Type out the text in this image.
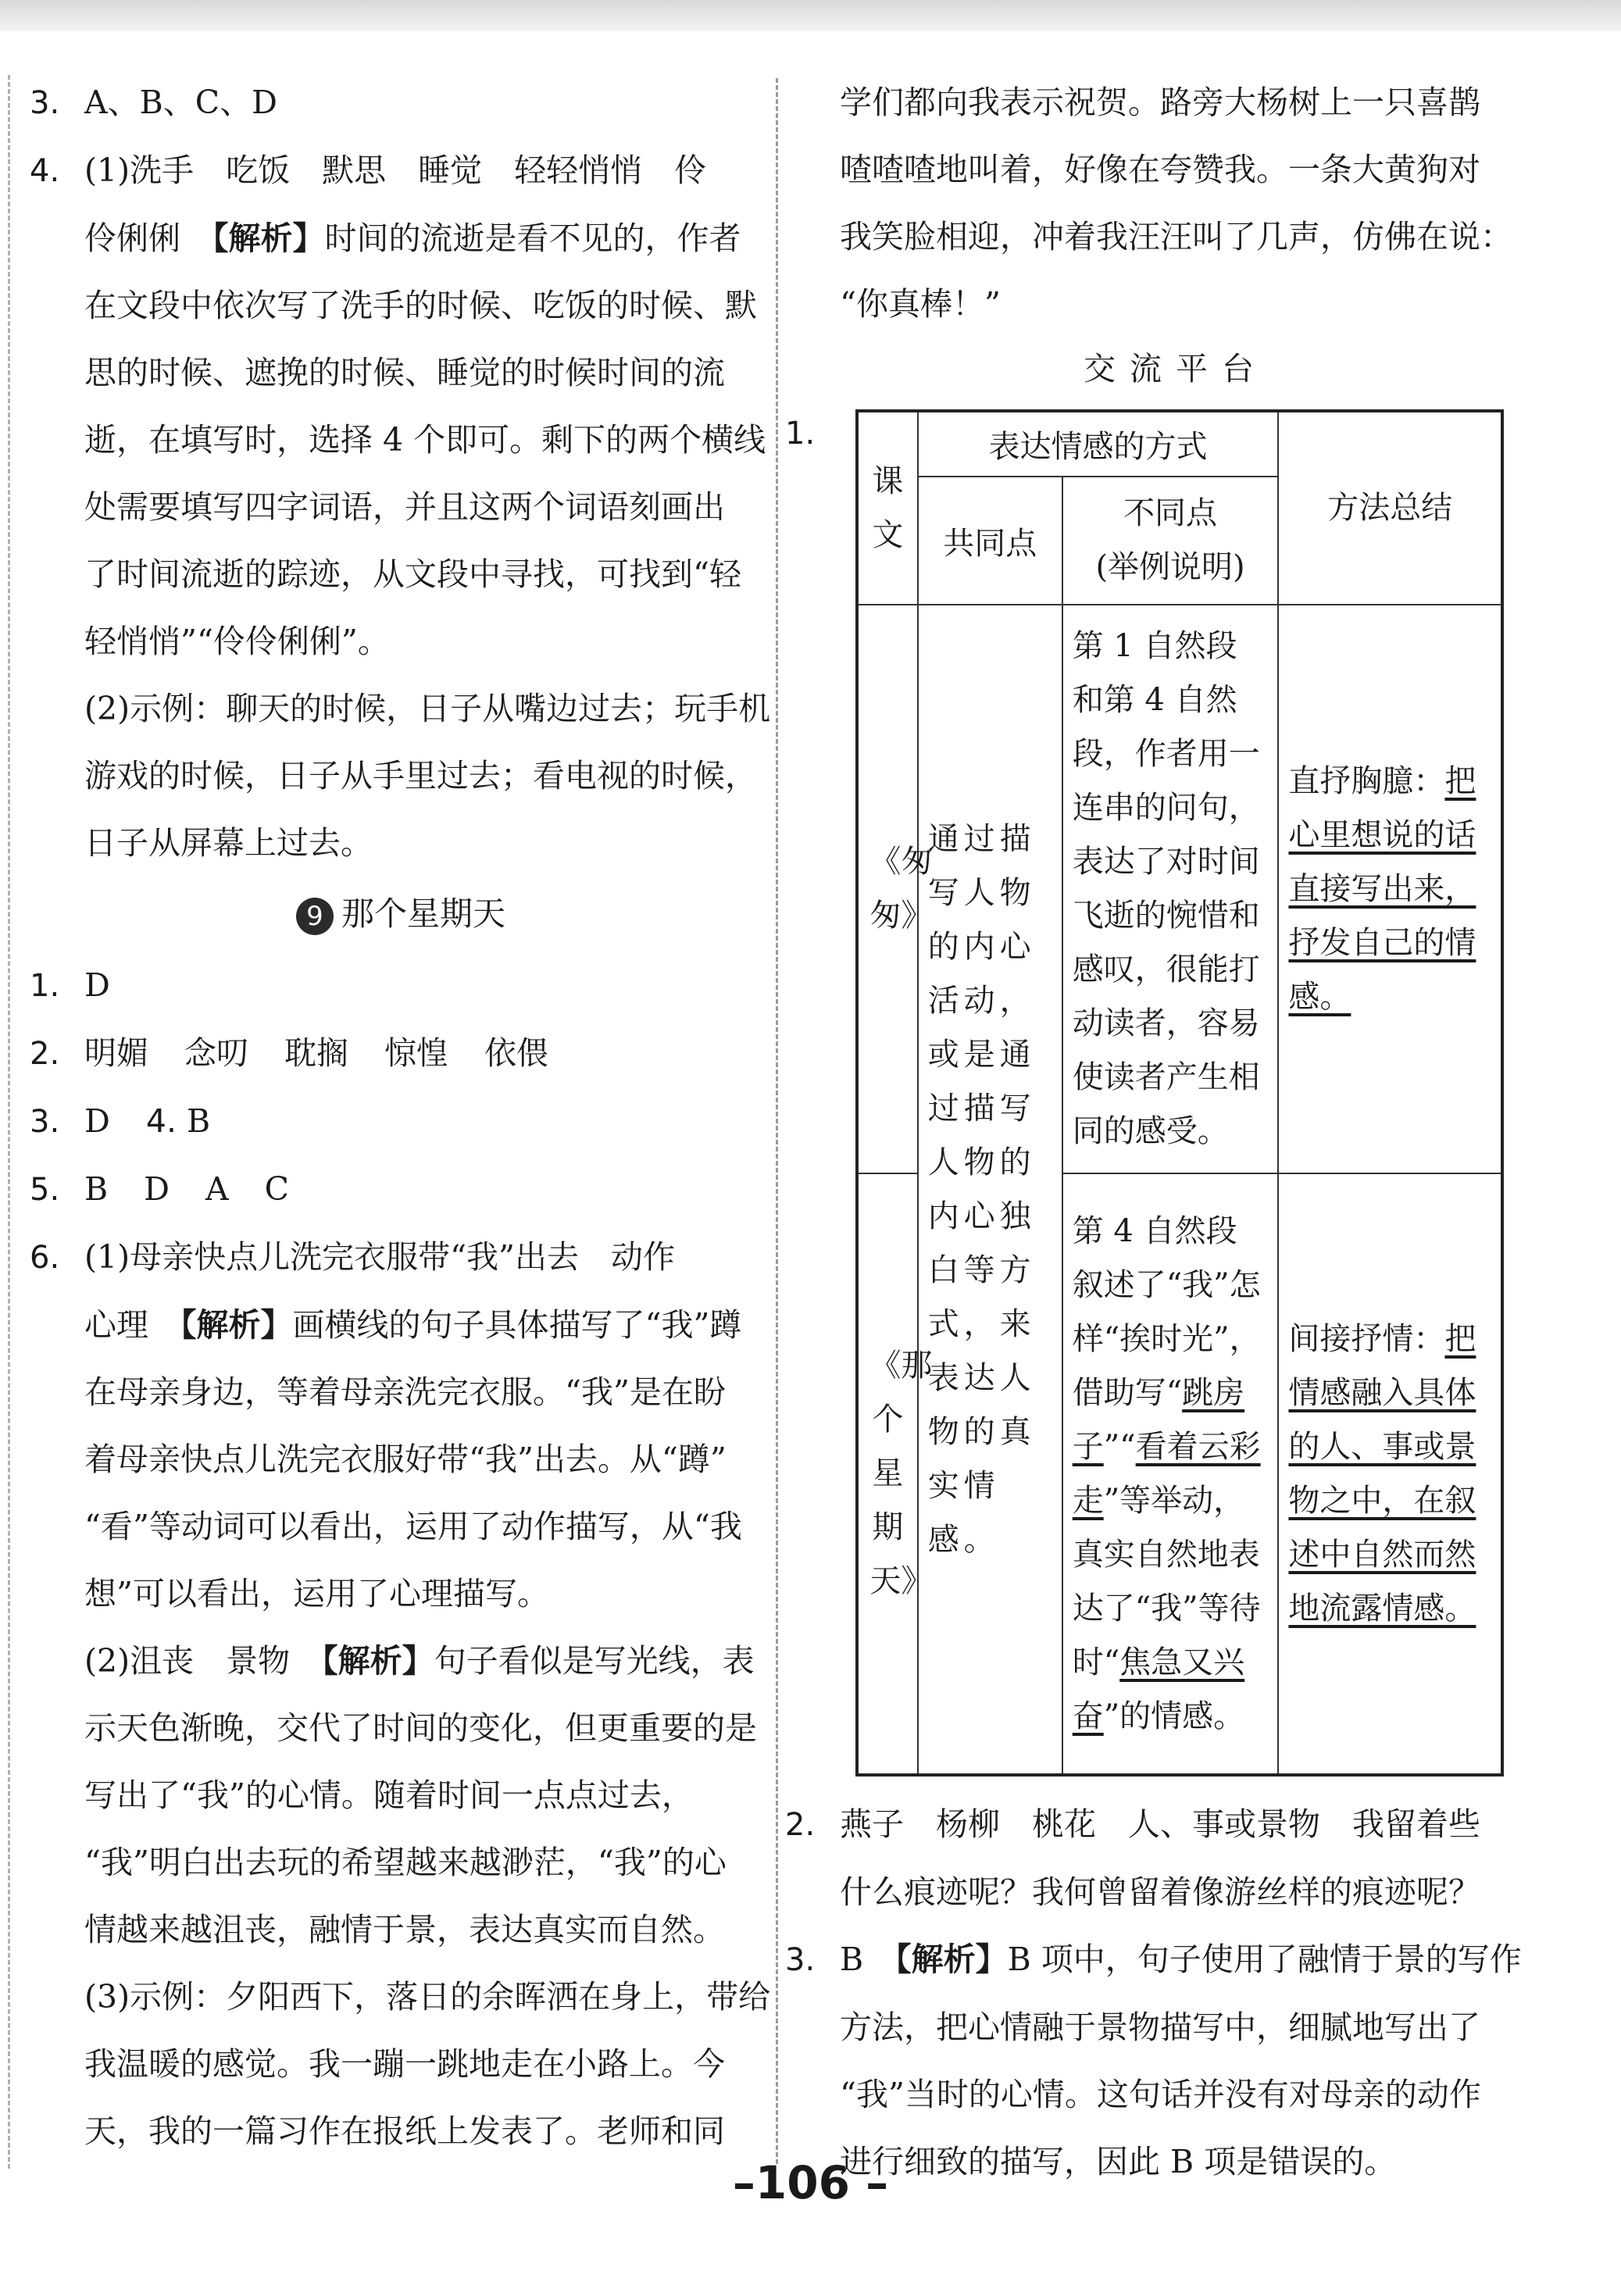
3. A、B、C、D
4. (1)洗手　吃饭　默思　睡觉　轻轻悄悄　伶
伶俐俐　【解析】时间的流逝是看不见的，作者
在文段中依次写了洗手的时候、吃饭的时候、默
思的时候、遮挽的时候、睡觉的时候时间的流
逝，在填写时，选择 4 个即可。剩下的两个横线
处需要填写四字词语，并且这两个词语刻画出
了时间流逝的踪迹，从文段中寻找，可找到“轻
轻悄悄”“伶伶俐俐”。
(2)示例：聊天的时候，日子从嘴边过去；玩手机
游戏的时候，日子从手里过去；看电视的时候，
日子从屏幕上过去。
9 那个星期天
1. D
2. 明媚 念叨 耽搁 惊惶 依偎
3. D 4. B
5. B D A C
6. (1)母亲快点儿洗完衣服带“我”出去　动作
心理　【解析】画横线的句子具体描写了“我”蹲
在母亲身边，等着母亲洗完衣服。“我”是在盼
着母亲快点儿洗完衣服好带“我”出去。从“蹲”
“看”等动词可以看出，运用了动作描写，从“我
想”可以看出，运用了心理描写。
(2)沮丧　景物　【解析】句子看似是写光线，表
示天色渐晚，交代了时间的变化，但更重要的是
写出了“我”的心情。随着时间一点点过去，
“我”明白出去玩的希望越来越渺茫，“我”的心
情越来越沮丧，融情于景，表达真实而自然。
(3)示例：夕阳西下，落日的余晖洒在身上，带给
我温暖的感觉。我一蹦一跳地走在小路上。今
天，我的一篇习作在报纸上发表了。老师和同
学们都向我表示祝贺。路旁大杨树上一只喜鹊
喳喳喳地叫着，好像在夸赞我。一条大黄狗对
我笑脸相迎，冲着我汪汪叫了几声，仿佛在说：
“你真棒！”
交流平台
1.
课文	表达情感的方式		方法总结

	共同点	不同点
(举例说明)	

《匆匆》	通过描写人物的内心活动，或是通过描写人物的内心独白等方式，来表达人物的真实情感。	第 1 自然段和第 4 自然段，作者用一连串的问句，表达了对时间飞逝的惋惜和感叹，很能打动读者，容易使读者产生相同的感受。	直抒胸臆：把心里想说的话直接写出来，抒发自己的情感。

《那个星期天》		第 4 自然段叙述了“我”怎样“挨时光”，借助写“跳房子”“看着云彩走”等举动，真实自然地表达了“我”等待时“焦急又兴奋”的情感。	间接抒情：把情感融入具体的人、事或景物之中，在叙述中自然而然地流露情感。
2. 燕子　杨柳　桃花　人、事或景物　我留着些
什么痕迹呢？我何曾留着像游丝样的痕迹呢？
3. B　【解析】B 项中，句子使用了融情于景的写作
方法，把心情融于景物描写中，细腻地写出了
“我”当时的心情。这句话并没有对母亲的动作
进行细致的描写，因此 B 项是错误的。
–106 –
